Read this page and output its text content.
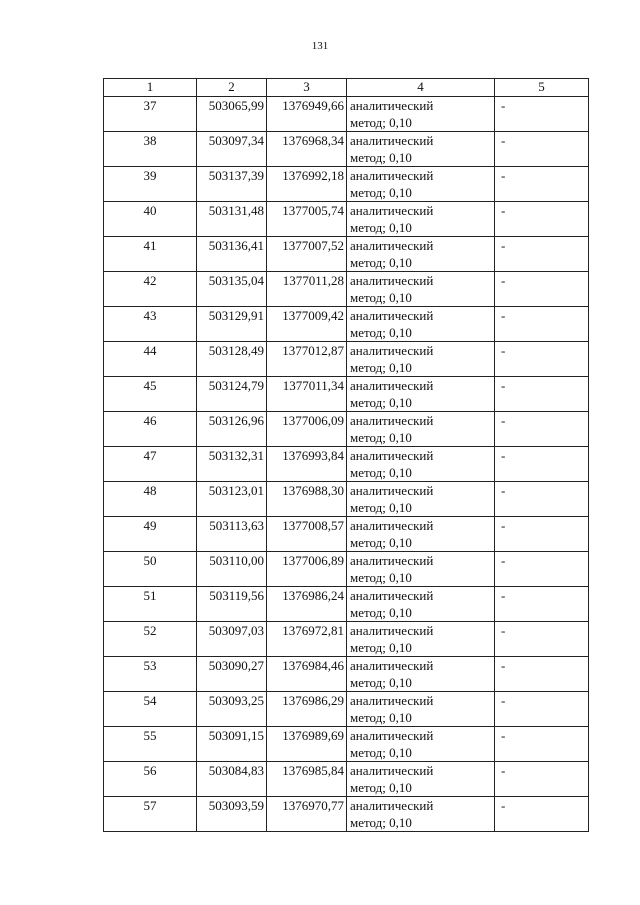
131
1	2	3	4	5
37	503065,99	1376949,66	аналитический
метод; 0,10	-
38	503097,34	1376968,34	аналитический
метод; 0,10	-
39	503137,39	1376992,18	аналитический
метод; 0,10	-
40	503131,48	1377005,74	аналитический
метод; 0,10	-
41	503136,41	1377007,52	аналитический
метод; 0,10	-
42	503135,04	1377011,28	аналитический
метод; 0,10	-
43	503129,91	1377009,42	аналитический
метод; 0,10	-
44	503128,49	1377012,87	аналитический
метод; 0,10	-
45	503124,79	1377011,34	аналитический
метод; 0,10	-
46	503126,96	1377006,09	аналитический
метод; 0,10	-
47	503132,31	1376993,84	аналитический
метод; 0,10	-
48	503123,01	1376988,30	аналитический
метод; 0,10	-
49	503113,63	1377008,57	аналитический
метод; 0,10	-
50	503110,00	1377006,89	аналитический
метод; 0,10	-
51	503119,56	1376986,24	аналитический
метод; 0,10	-
52	503097,03	1376972,81	аналитический
метод; 0,10	-
53	503090,27	1376984,46	аналитический
метод; 0,10	-
54	503093,25	1376986,29	аналитический
метод; 0,10	-
55	503091,15	1376989,69	аналитический
метод; 0,10	-
56	503084,83	1376985,84	аналитический
метод; 0,10	-
57	503093,59	1376970,77	аналитический
метод; 0,10	-
